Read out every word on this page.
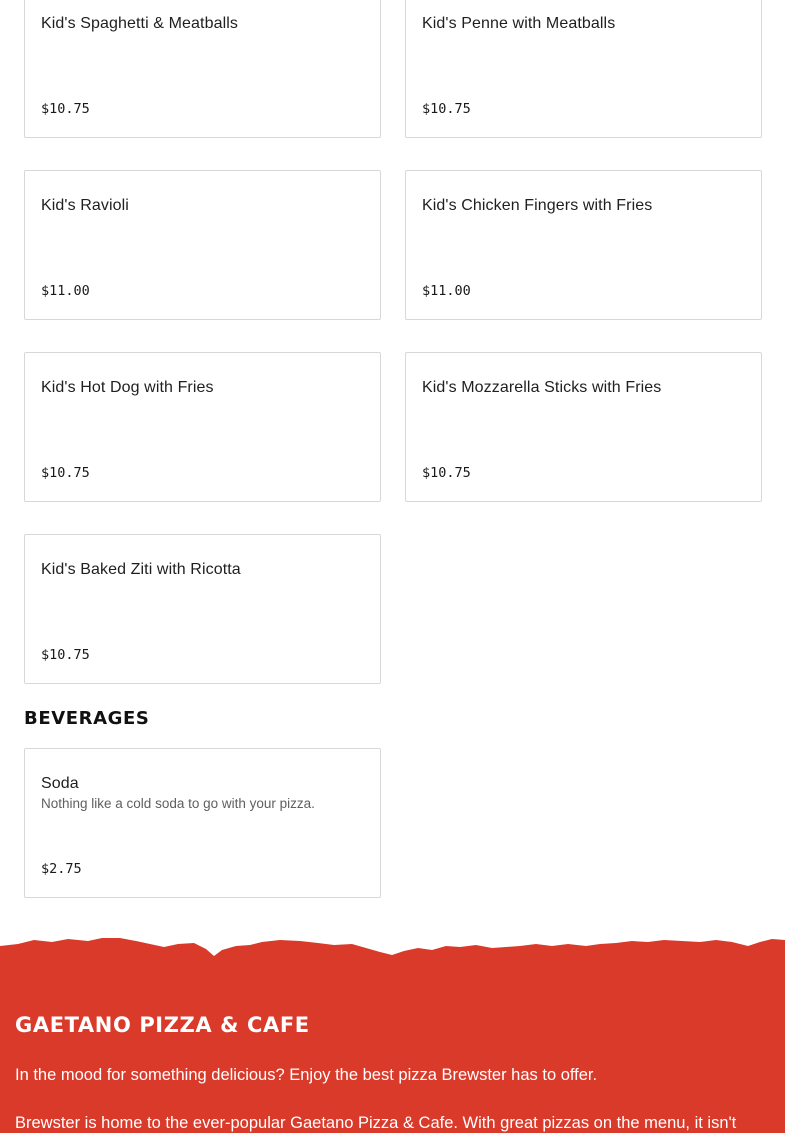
Kid's Spaghetti & Meatballs
$10.75
Kid's Penne with Meatballs
$10.75
Kid's Ravioli
$11.00
Kid's Chicken Fingers with Fries
$11.00
Kid's Hot Dog with Fries
$10.75
Kid's Mozzarella Sticks with Fries
$10.75
Kid's Baked Ziti with Ricotta
$10.75
BEVERAGES
Soda
Nothing like a cold soda to go with your pizza.
$2.75
GAETANO PIZZA & CAFE

In the mood for something delicious? Enjoy the best pizza Brewster has to offer.

Brewster is home to the ever-popular Gaetano Pizza & Cafe. With great pizzas on the menu, it isn't
